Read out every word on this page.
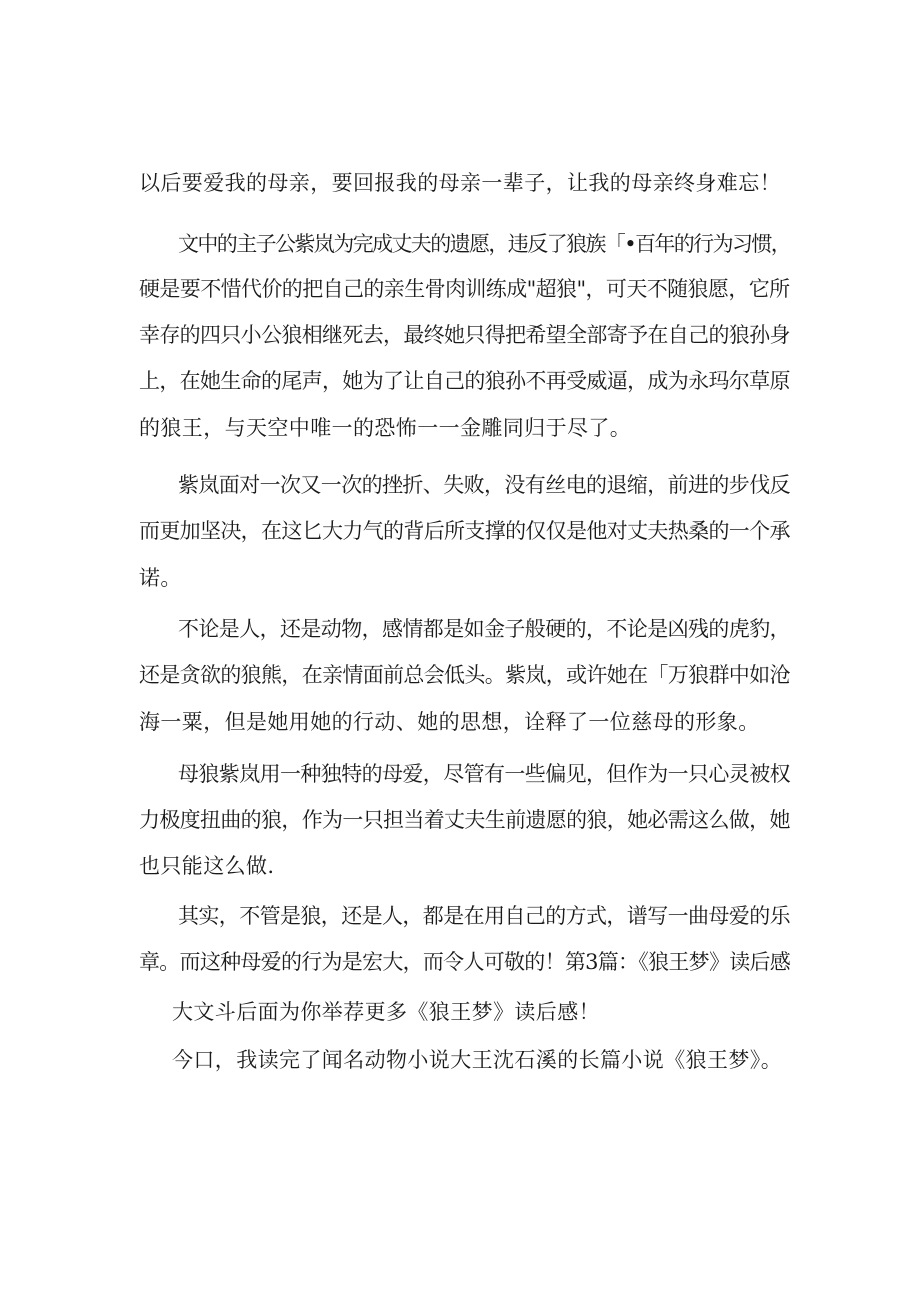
以后要爱我的母亲，要回报我的母亲一辈子，让我的母亲终身难忘！
文中的主子公紫岚为完成丈夫的遗愿，违反了狼族「•百年的行为习惯，
硬是要不惜代价的把自己的亲生骨肉训练成"超狼"，可天不随狼愿，它所
幸存的四只小公狼相继死去，最终她只得把希望全部寄予在自己的狼孙身
上，在她生命的尾声，她为了让自己的狼孙不再受威逼，成为永玛尔草原
的狼王，与天空中唯一的恐怖一一金雕同归于尽了。
紫岚面对一次又一次的挫折、失败，没有丝电的退缩，前进的步伐反
而更加坚决，在这匕大力气的背后所支撑的仅仅是他对丈夫热桑的一个承
诺。
不论是人，还是动物，感情都是如金子般硬的，不论是凶残的虎豹，
还是贪欲的狼熊，在亲情面前总会低头。紫岚，或许她在「万狼群中如沧
海一粟，但是她用她的行动、她的思想，诠释了一位慈母的形象。
母狼紫岚用一种独特的母爱，尽管有一些偏见，但作为一只心灵被权
力极度扭曲的狼，作为一只担当着丈夫生前遗愿的狼，她必需这么做，她
也只能这么做.
其实，不管是狼，还是人，都是在用自己的方式，谱写一曲母爱的乐
章。而这种母爱的行为是宏大，而令人可敬的！第3篇：《狼王梦》读后感
大文斗后面为你举荐更多《狼王梦》读后感！
今口，我读完了闻名动物小说大王沈石溪的长篇小说《狼王梦》。
